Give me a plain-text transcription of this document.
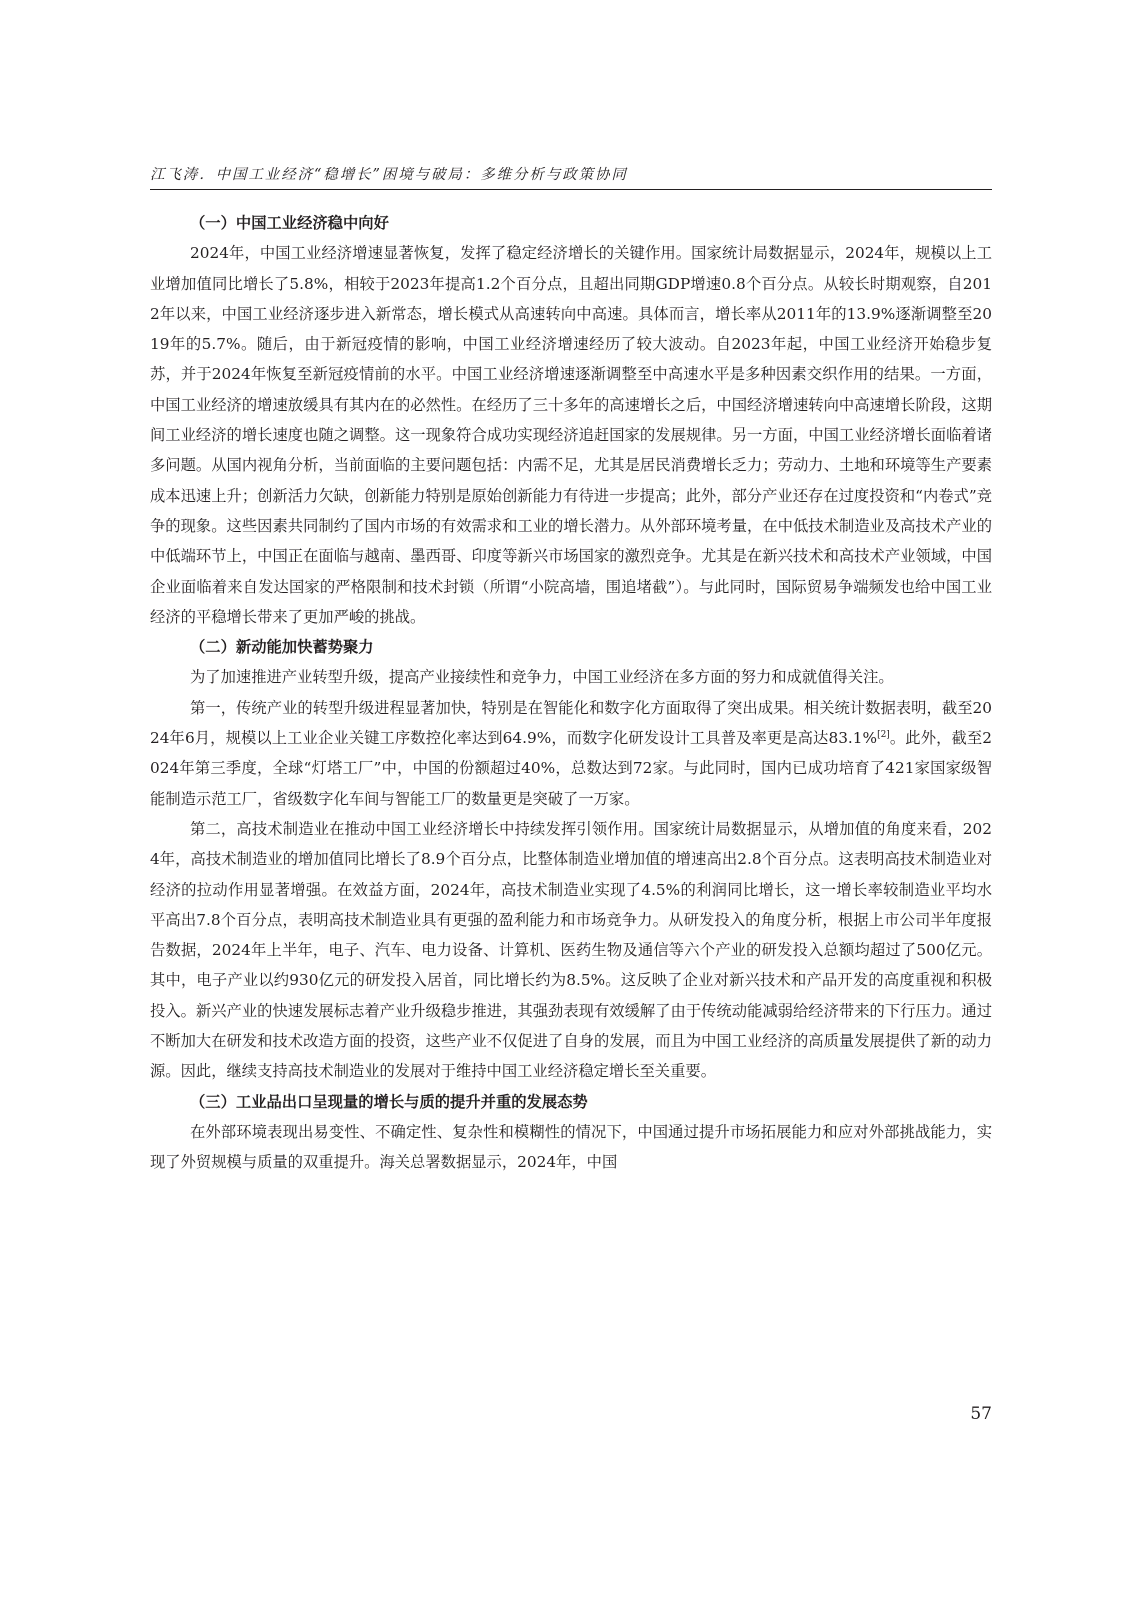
江飞涛．中国工业经济“稳增长”困境与破局：多维分析与政策协同
（一）中国工业经济稳中向好

2024年，中国工业经济增速显著恢复，发挥了稳定经济增长的关键作用。国家统计局数据显示，2024年，规模以上工业增加值同比增长了5.8%，相较于2023年提高1.2个百分点，且超出同期GDP增速0.8个百分点。从较长时期观察，自2012年以来，中国工业经济逐步进入新常态，增长模式从高速转向中高速。具体而言，增长率从2011年的13.9%逐渐调整至2019年的5.7%。随后，由于新冠疫情的影响，中国工业经济增速经历了较大波动。自2023年起，中国工业经济开始稳步复苏，并于2024年恢复至新冠疫情前的水平。中国工业经济增速逐渐调整至中高速水平是多种因素交织作用的结果。一方面，中国工业经济的增速放缓具有其内在的必然性。在经历了三十多年的高速增长之后，中国经济增速转向中高速增长阶段，这期间工业经济的增长速度也随之调整。这一现象符合成功实现经济追赶国家的发展规律。另一方面，中国工业经济增长面临着诸多问题。从国内视角分析，当前面临的主要问题包括：内需不足，尤其是居民消费增长乏力；劳动力、土地和环境等生产要素成本迅速上升；创新活力欠缺，创新能力特别是原始创新能力有待进一步提高；此外，部分产业还存在过度投资和“内卷式”竞争的现象。这些因素共同制约了国内市场的有效需求和工业的增长潜力。从外部环境考量，在中低技术制造业及高技术产业的中低端环节上，中国正在面临与越南、墨西哥、印度等新兴市场国家的激烈竞争。尤其是在新兴技术和高技术产业领域，中国企业面临着来自发达国家的严格限制和技术封锁（所谓“小院高墙，围追堵截”）。与此同时，国际贸易争端频发也给中国工业经济的平稳增长带来了更加严峻的挑战。

（二）新动能加快蓄势聚力

为了加速推进产业转型升级，提高产业接续性和竞争力，中国工业经济在多方面的努力和成就值得关注。

第一，传统产业的转型升级进程显著加快，特别是在智能化和数字化方面取得了突出成果。相关统计数据表明，截至2024年6月，规模以上工业企业关键工序数控化率达到64.9%，而数字化研发设计工具普及率更是高达83.1%[2]。此外，截至2024年第三季度，全球“灯塔工厂”中，中国的份额超过40%，总数达到72家。与此同时，国内已成功培育了421家国家级智能制造示范工厂，省级数字化车间与智能工厂的数量更是突破了一万家。

第二，高技术制造业在推动中国工业经济增长中持续发挥引领作用。国家统计局数据显示，从增加值的角度来看，2024年，高技术制造业的增加值同比增长了8.9个百分点，比整体制造业增加值的增速高出2.8个百分点。这表明高技术制造业对经济的拉动作用显著增强。在效益方面，2024年，高技术制造业实现了4.5%的利润同比增长，这一增长率较制造业平均水平高出7.8个百分点，表明高技术制造业具有更强的盈利能力和市场竞争力。从研发投入的角度分析，根据上市公司半年度报告数据，2024年上半年，电子、汽车、电力设备、计算机、医药生物及通信等六个产业的研发投入总额均超过了500亿元。其中，电子产业以约930亿元的研发投入居首，同比增长约为8.5%。这反映了企业对新兴技术和产品开发的高度重视和积极投入。新兴产业的快速发展标志着产业升级稳步推进，其强劲表现有效缓解了由于传统动能减弱给经济带来的下行压力。通过不断加大在研发和技术改造方面的投资，这些产业不仅促进了自身的发展，而且为中国工业经济的高质量发展提供了新的动力源。因此，继续支持高技术制造业的发展对于维持中国工业经济稳定增长至关重要。

（三）工业品出口呈现量的增长与质的提升并重的发展态势

在外部环境表现出易变性、不确定性、复杂性和模糊性的情况下，中国通过提升市场拓展能力和应对外部挑战能力，实现了外贸规模与质量的双重提升。海关总署数据显示，2024年，中国

57
